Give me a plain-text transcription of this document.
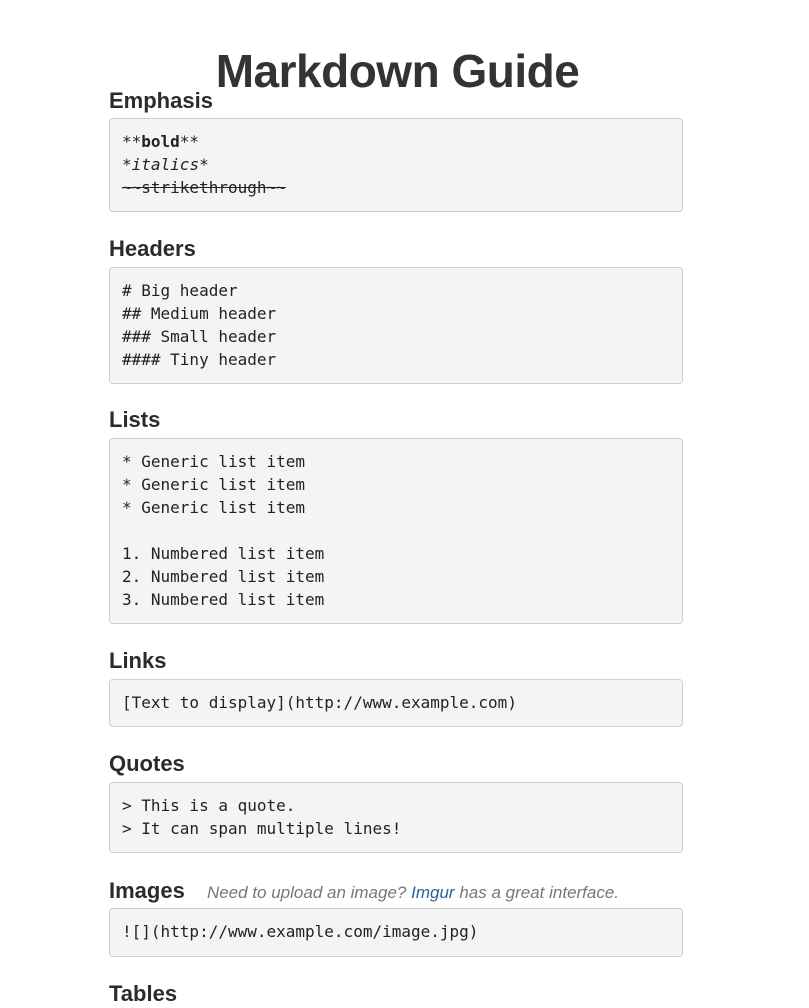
Markdown Guide
Emphasis
**bold**
*italics*
~~strikethrough~~
Headers
# Big header
## Medium header
### Small header
#### Tiny header
Lists
* Generic list item
* Generic list item
* Generic list item
1. Numbered list item
2. Numbered list item
3. Numbered list item
Links
[Text to display](http://www.example.com)
Quotes
> This is a quote.
> It can span multiple lines!
Images Need to upload an image? Imgur has a great interface.
![](http://www.example.com/image.jpg)
Tables
